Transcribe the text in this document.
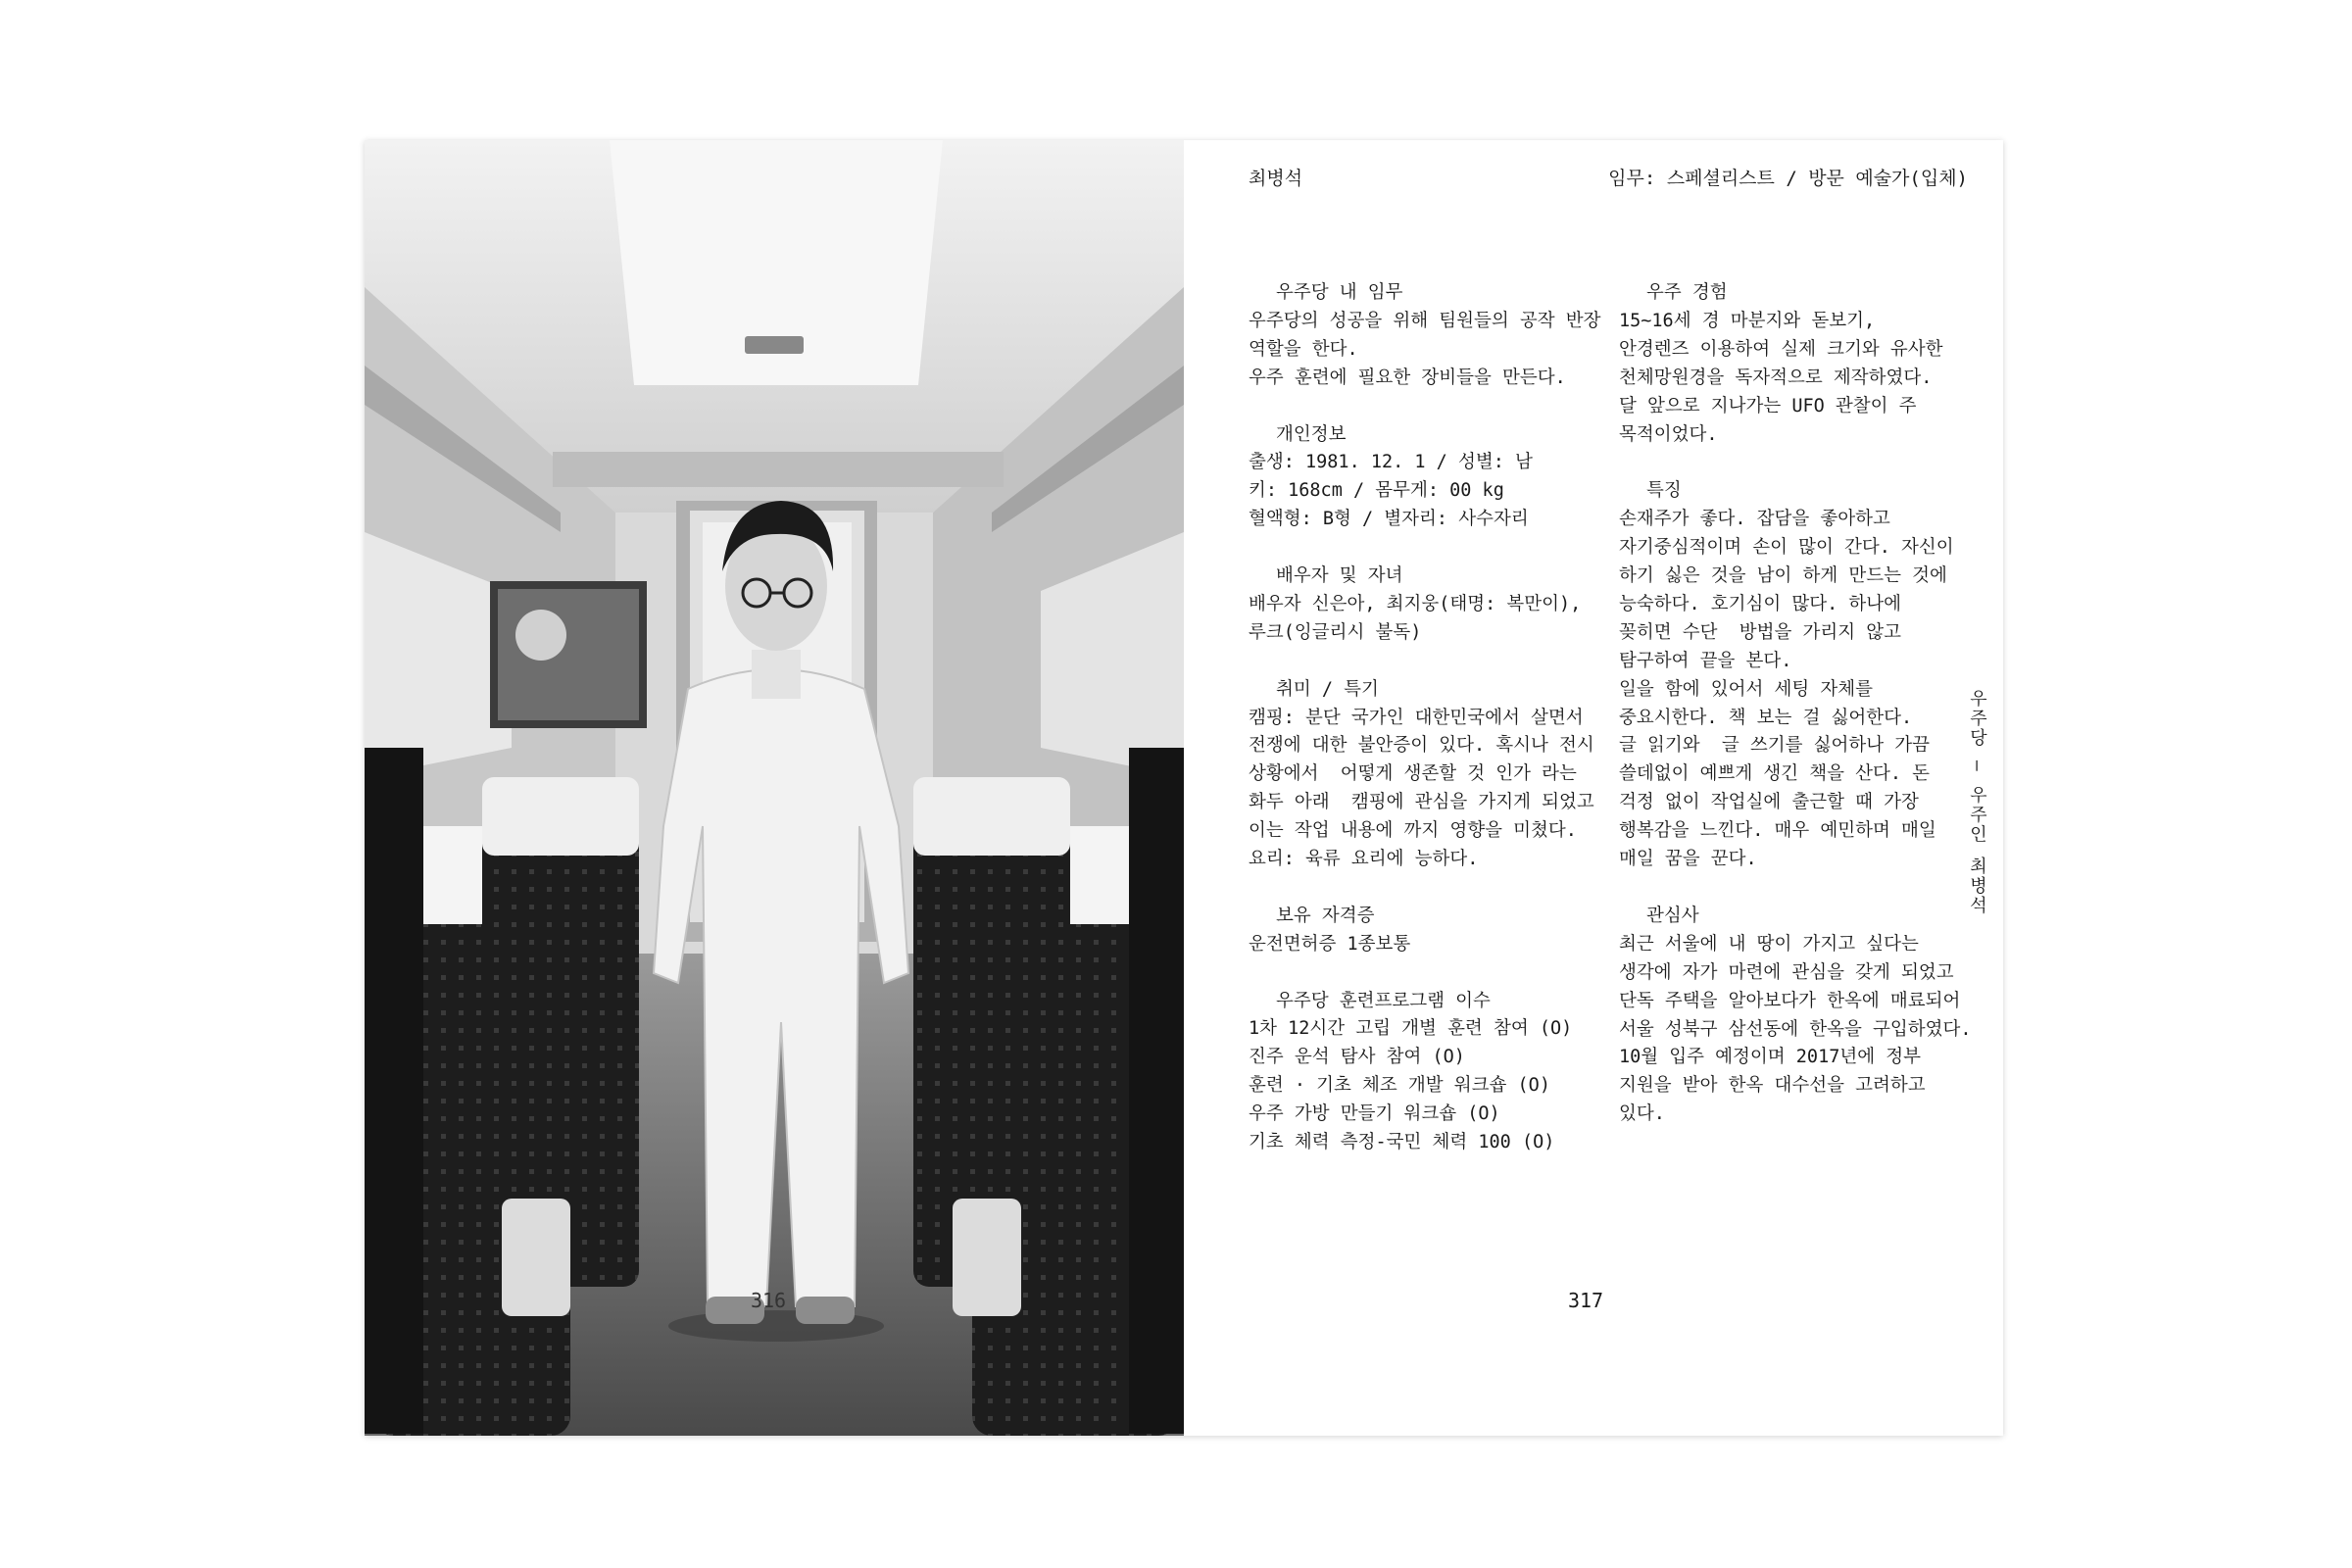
316
최병석	임무: 스페셜리스트 / 방문 예술가(입체)
우주당 내 임무
우주당의 성공을 위해 팀원들의 공작 반장
역할을 한다.
우주 훈련에 필요한 장비들을 만든다.
개인정보
출생: 1981. 12. 1 / 성별: 남
키: 168cm / 몸무게: 00 kg
혈액형: B형 / 별자리: 사수자리
배우자 및 자녀
배우자 신은아, 최지웅(태명: 복만이),
루크(잉글리시 불독)
취미 / 특기
캠핑: 분단 국가인 대한민국에서 살면서
전쟁에 대한 불안증이 있다. 혹시나 전시
상황에서  어떻게 생존할 것 인가 라는
화두 아래  캠핑에 관심을 가지게 되었고
이는 작업 내용에 까지 영향을 미쳤다.
요리: 육류 요리에 능하다.
보유 자격증
운전면허증 1종보통
우주당 훈련프로그램 이수
1차 12시간 고립 개별 훈련 참여 (O)
진주 운석 탐사 참여 (O)
훈련 · 기초 체조 개발 워크숍 (O)
우주 가방 만들기 워크숍 (O)
기초 체력 측정-국민 체력 100 (O)
우주 경험
15~16세 경 마분지와 돋보기,
안경렌즈 이용하여 실제 크기와 유사한
천체망원경을 독자적으로 제작하였다.
달 앞으로 지나가는 UFO 관찰이 주
목적이었다.
특징
손재주가 좋다. 잡담을 좋아하고
자기중심적이며 손이 많이 간다. 자신이
하기 싫은 것을 남이 하게 만드는 것에
능숙하다. 호기심이 많다. 하나에
꽂히면 수단  방법을 가리지 않고
탐구하여 끝을 본다.
일을 함에 있어서 세팅 자체를
중요시한다. 책 보는 걸 싫어한다.
글 읽기와  글 쓰기를 싫어하나 가끔
쓸데없이 예쁘게 생긴 책을 산다. 돈
걱정 없이 작업실에 출근할 때 가장
행복감을 느낀다. 매우 예민하며 매일
매일 꿈을 꾼다.
관심사
최근 서울에 내 땅이 가지고 싶다는
생각에 자가 마련에 관심을 갖게 되었고
단독 주택을 알아보다가 한옥에 매료되어
서울 성북구 삼선동에 한옥을 구입하였다.
10월 입주 예정이며 2017년에 정부
지원을 받아 한옥 대수선을 고려하고
있다.
우주당 — 우주인 최병석
317
